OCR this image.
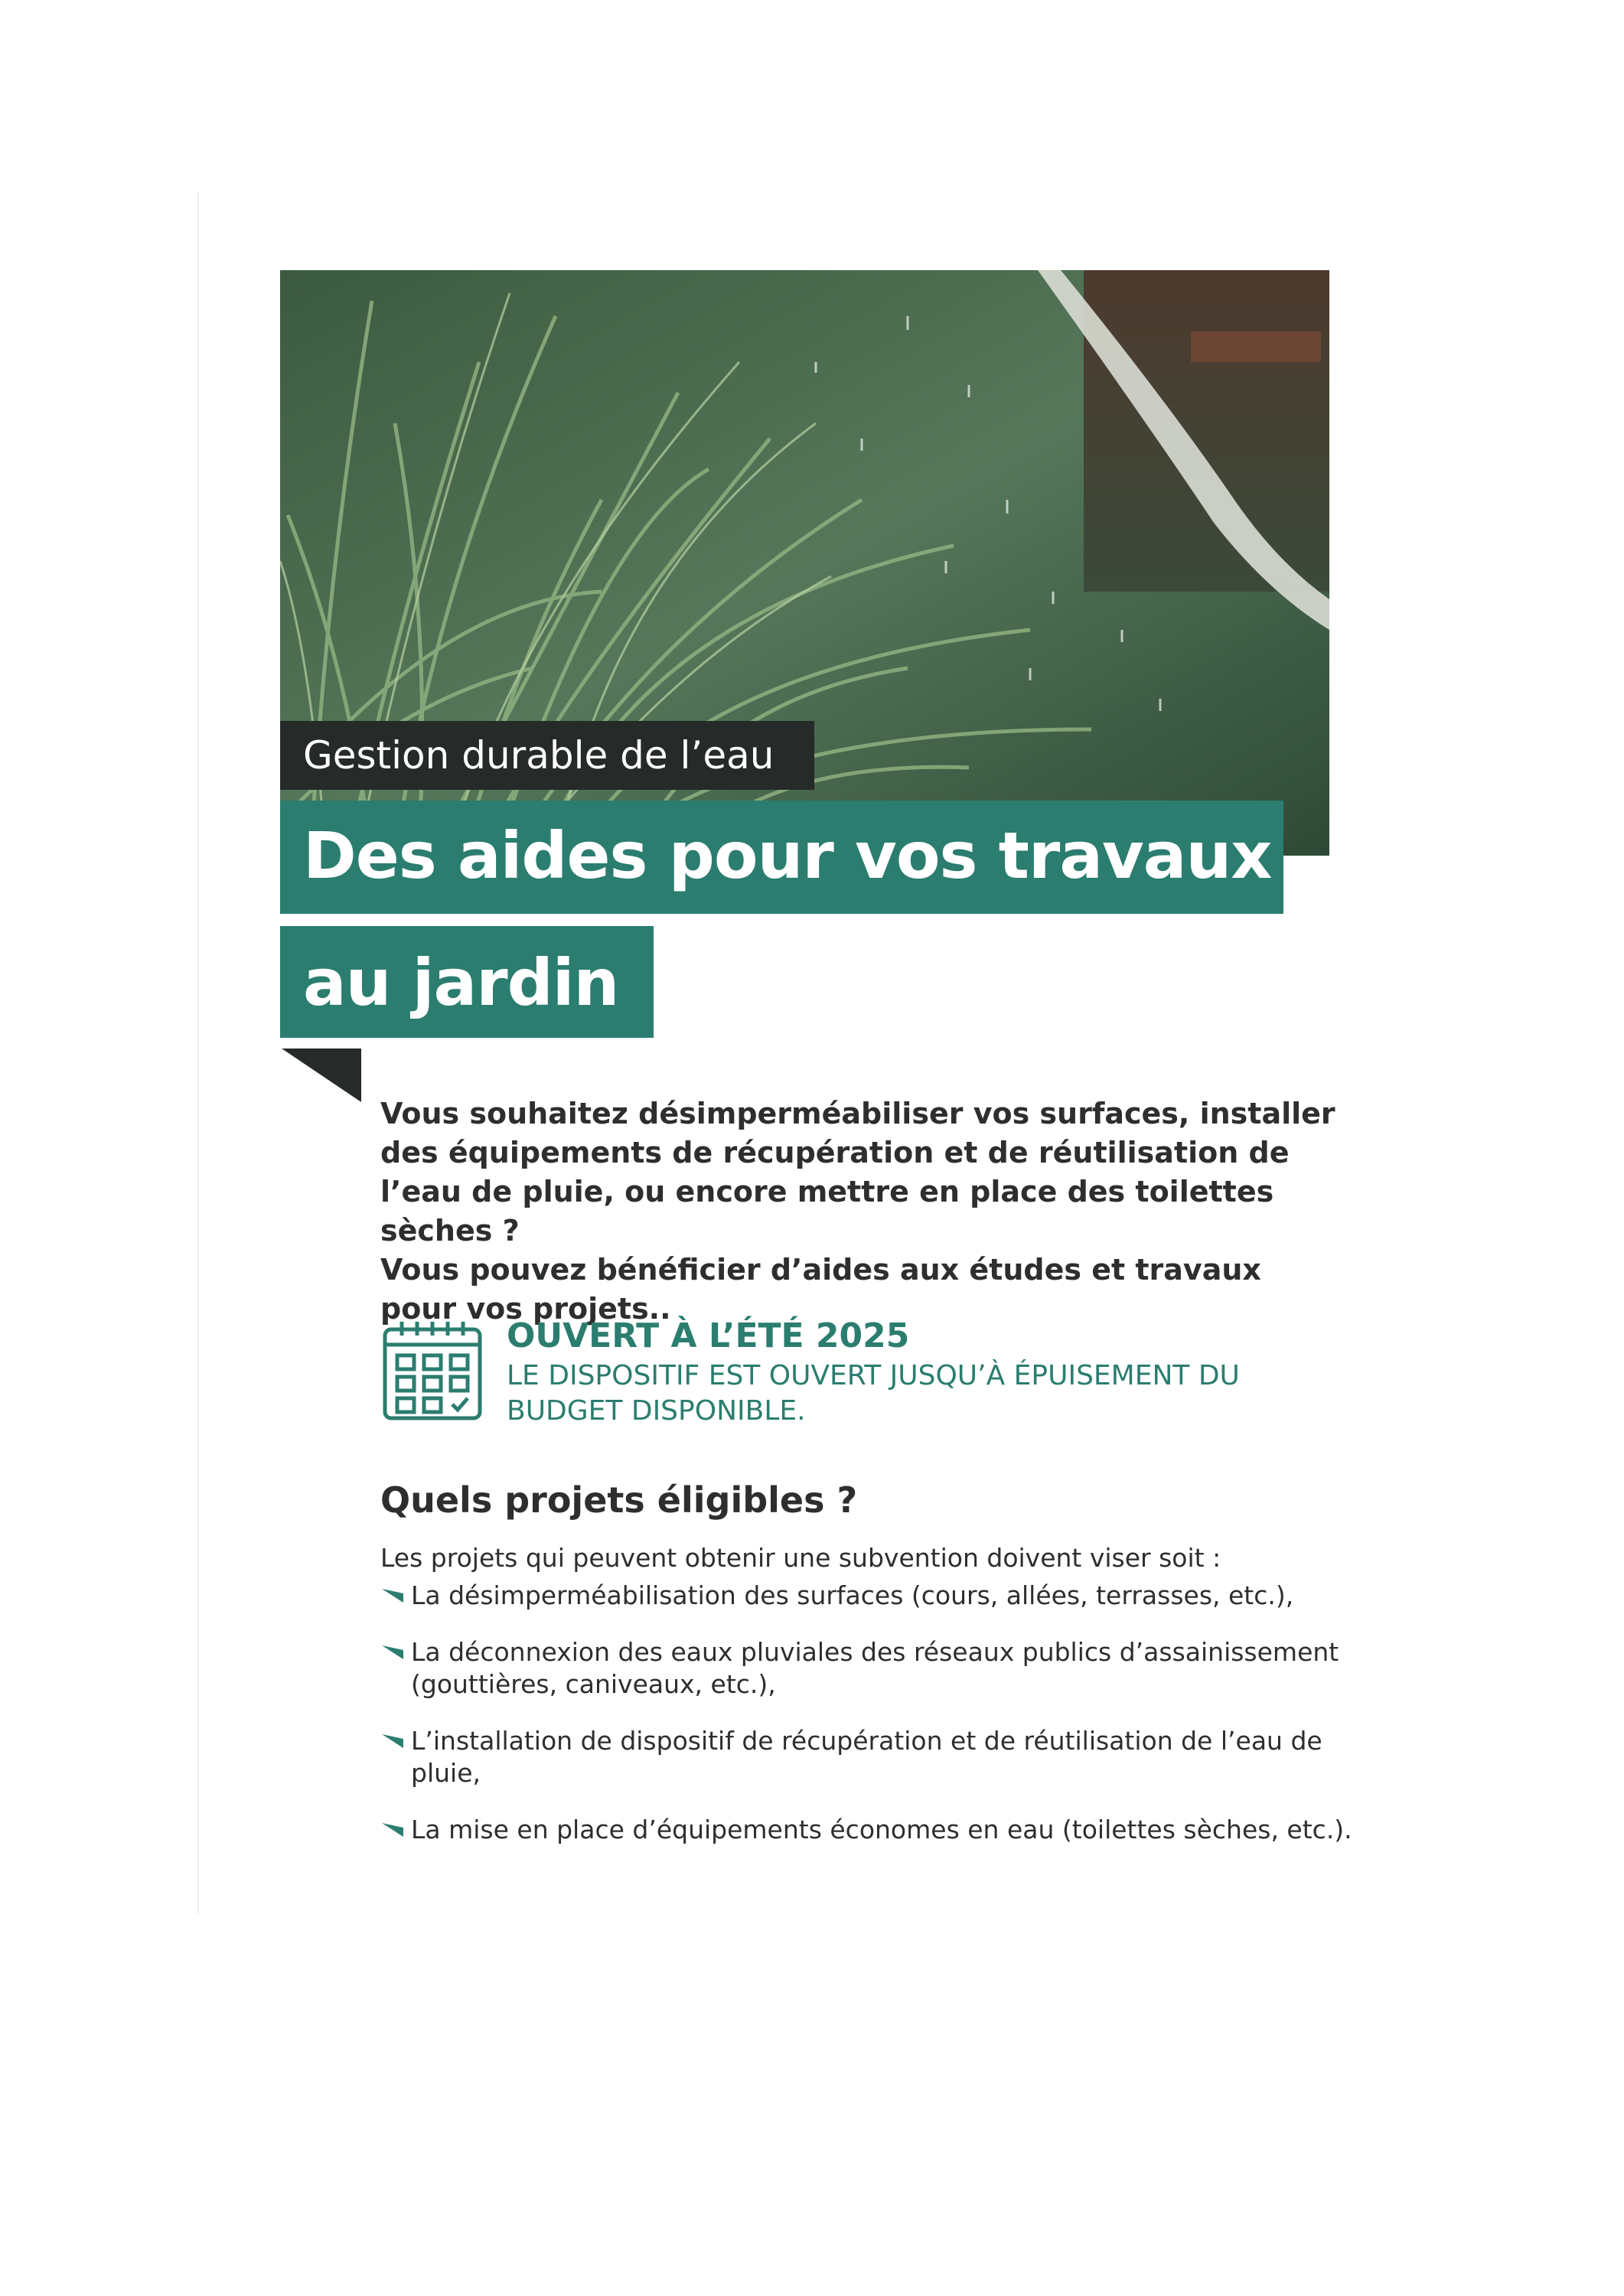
Gestion durable de l’eau
Des aides pour vos travaux
au jardin

Vous souhaitez désimperméabiliser vos surfaces, installer des équipements de récupération et de réutilisation de l’eau de pluie, ou encore mettre en place des toilettes sèches ?

Vous pouvez bénéficier d’aides aux études et travaux pour vos projets..

OUVERT À L’ÉTÉ 2025
LE DISPOSITIF EST OUVERT JUSQU’À ÉPUISEMENT DU BUDGET DISPONIBLE.
Quels projets éligibles ?
Les projets qui peuvent obtenir une subvention doivent viser soit :
La désimperméabilisation des surfaces (cours, allées, terrasses, etc.),
La déconnexion des eaux pluviales des réseaux publics d’assainissement (gouttières, caniveaux, etc.),
L’installation de dispositif de récupération et de réutilisation de l’eau de pluie,
La mise en place d’équipements économes en eau (toilettes sèches, etc.).
